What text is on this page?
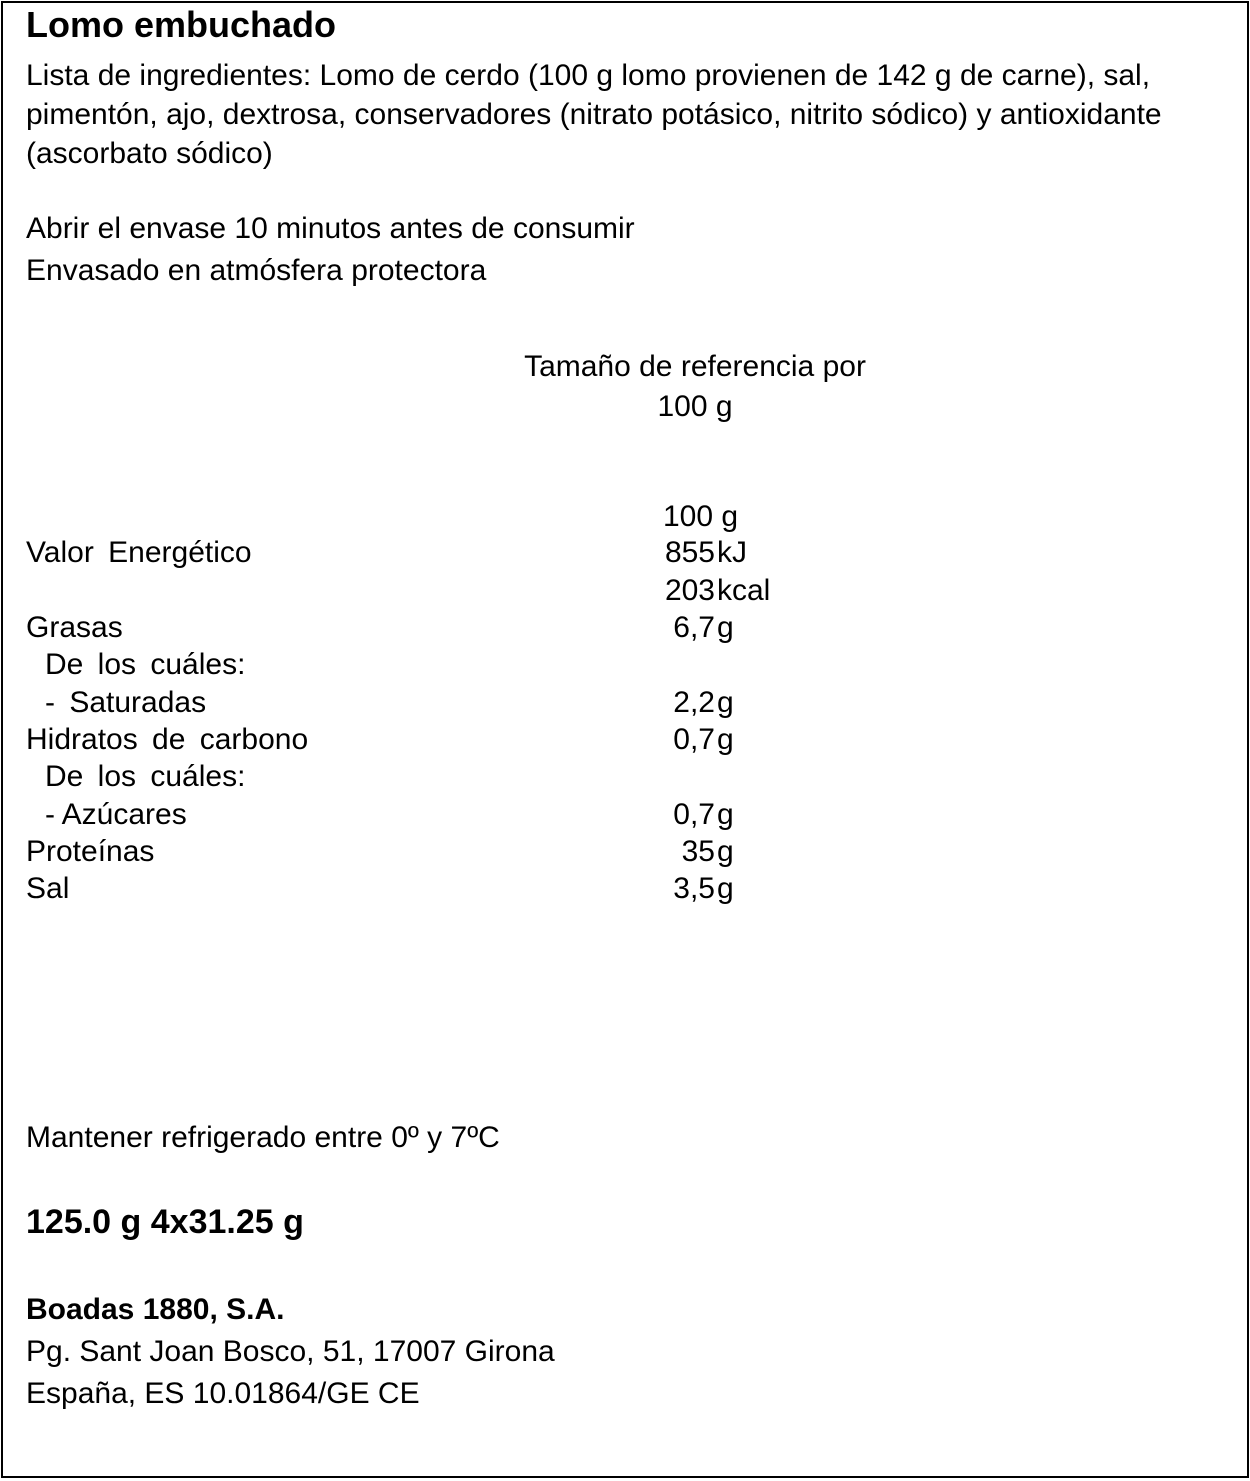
Lomo embuchado
Lista de ingredientes: Lomo de cerdo (100 g lomo provienen de 142 g de carne), sal, pimentón, ajo, dextrosa, conservadores (nitrato potásico, nitrito sódico) y antioxidante (ascorbato sódico)
Abrir el envase 10 minutos antes de consumir
Envasado en atmósfera protectora
Tamaño de referencia por
100 g
100 g
Valor Energético	855 kJ
203 kcal
Grasas	6,7 g
De los cuáles:
- Saturadas	2,2 g
Hidratos de carbono	0,7 g
De los cuáles:
- Azúcares	0,7 g
Proteínas	35 g
Sal	3,5 g
Mantener refrigerado entre 0º y 7ºC
125.0 g 4x31.25 g
Boadas 1880, S.A.
Pg. Sant Joan Bosco, 51, 17007 Girona
España, ES 10.01864/GE CE
